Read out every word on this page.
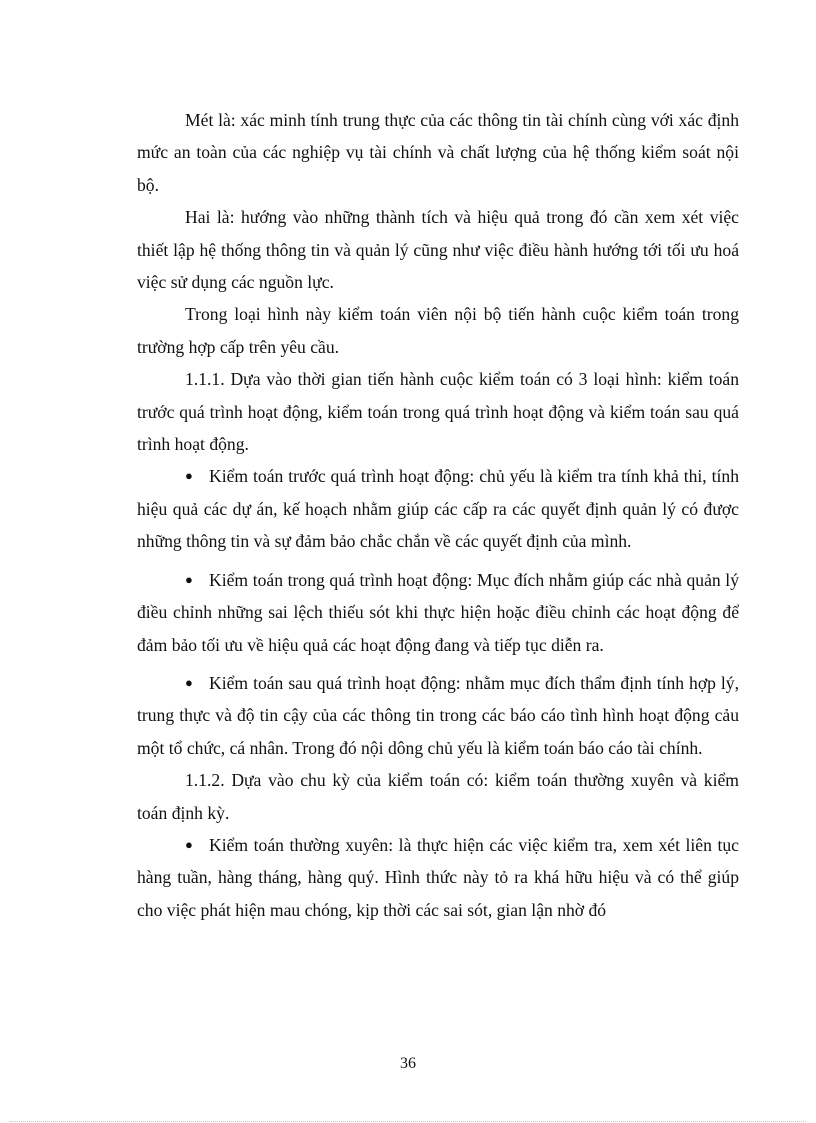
Mét là: xác minh tính trung thực của các thông tin tài chính cùng với xác định mức an toàn của các nghiệp vụ tài chính và chất lượng của hệ thống kiểm soát nội bộ.

Hai là: hướng vào những thành tích và hiệu quả trong đó cần xem xét việc thiết lập hệ thống thông tin và quản lý cũng như việc điều hành hướng tới tối ưu hoá việc sử dụng các nguồn lực.

Trong loại hình này kiểm toán viên nội bộ tiến hành cuộc kiểm toán trong trường hợp cấp trên yêu cầu.

1.1.1. Dựa vào thời gian tiến hành cuộc kiểm toán có 3 loại hình: kiểm toán trước quá trình hoạt động, kiểm toán trong quá trình hoạt động và kiểm toán sau quá trình hoạt động.

● Kiểm toán trước quá trình hoạt động: chủ yếu là kiểm tra tính khả thi, tính hiệu quả các dự án, kế hoạch nhằm giúp các cấp ra các quyết định quản lý có được những thông tin và sự đảm bảo chắc chắn về các quyết định của mình.

● Kiểm toán trong quá trình hoạt động: Mục đích nhằm giúp các nhà quản lý điều chỉnh những sai lệch thiếu sót khi thực hiện hoặc điều chỉnh các hoạt động để đảm bảo tối ưu về hiệu quả các hoạt động đang và tiếp tục diễn ra.

● Kiểm toán sau quá trình hoạt động: nhằm mục đích thẩm định tính hợp lý, trung thực và độ tin cậy của các thông tin trong các báo cáo tình hình hoạt động cảu một tổ chức, cá nhân. Trong đó nội dông chủ yếu là kiểm toán báo cáo tài chính.

1.1.2. Dựa vào chu kỳ của kiểm toán có: kiểm toán thường xuyên và kiểm toán định kỳ.

● Kiểm toán thường xuyên: là thực hiện các việc kiểm tra, xem xét liên tục hàng tuần, hàng tháng, hàng quý. Hình thức này tỏ ra khá hữu hiệu và có thể giúp cho việc phát hiện mau chóng, kịp thời các sai sót, gian lận nhờ đó

36
